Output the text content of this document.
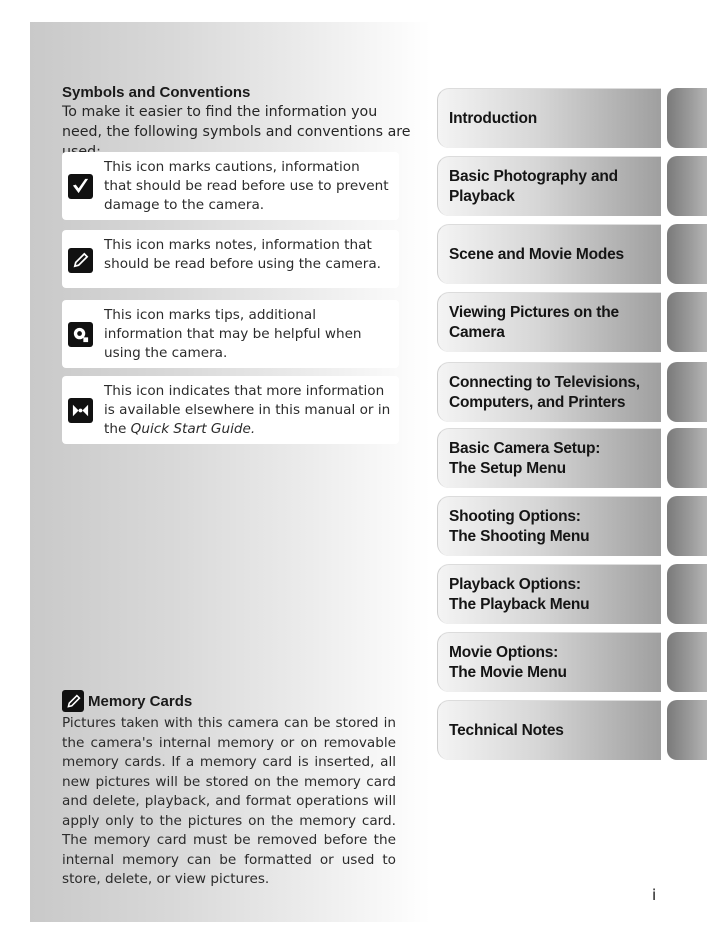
Symbols and Conventions
To make it easier to find the information you need, the following symbols and conventions are
This icon marks cautions, information that should be read before use to prevent damage to the camera.
This icon marks notes, information that should be read before using the camera.
This icon marks tips, additional information that may be helpful when using the camera.
This icon indicates that more information is available elsewhere in this manual or in the Quick Start Guide.
Memory Cards
Pictures taken with this camera can be stored in the camera's internal memory or on removable memory cards. If a memory card is inserted, all new pictures will be stored on the memory card and delete, playback, and format operations will apply only to the pictures on the memory card. The memory card must be removed before the internal memory can be formatted or used to store, delete, or view pictures.
Introduction
Basic Photography and
Playback
Scene and Movie Modes
Viewing Pictures on the
Camera
Connecting to Televisions,
Computers, and Printers
Basic Camera Setup:
The Setup Menu
Shooting Options:
The Shooting Menu
Playback Options:
The Playback Menu
Movie Options:
The Movie Menu
Technical Notes
i
